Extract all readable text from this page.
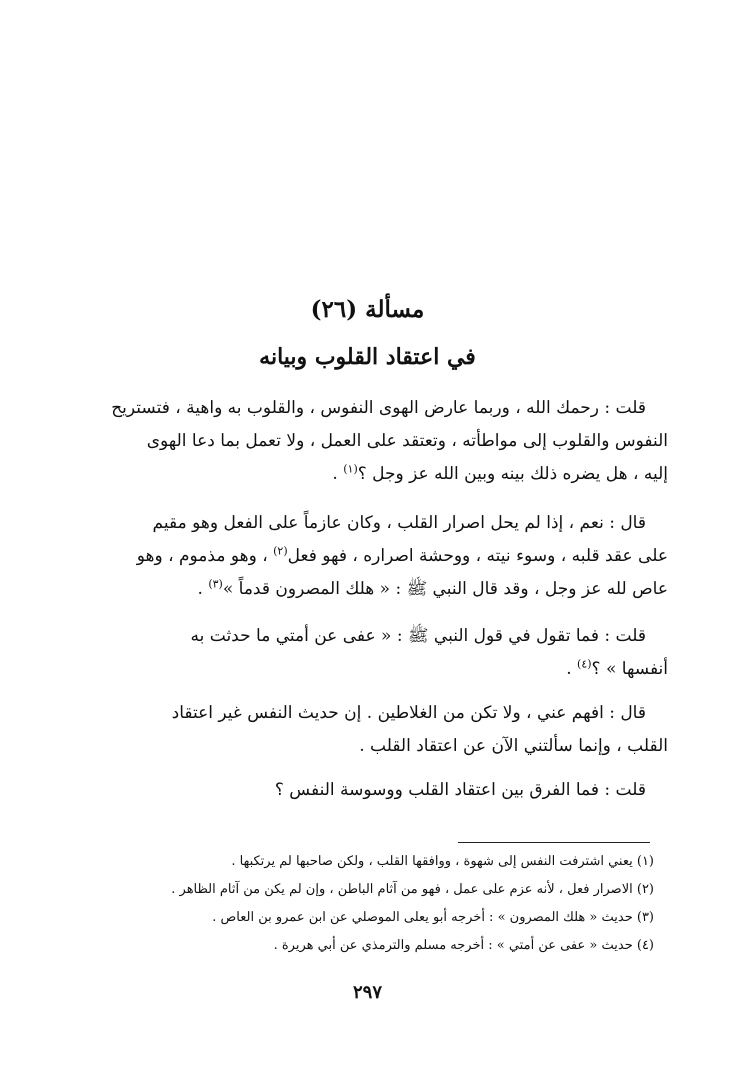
مسألة (٢٦)
في اعتقاد القلوب وبيانه
قلت : رحمك الله ، وربما عارض الهوى النفوس ، والقلوب به واهية ، فتستريح
النفوس والقلوب إلى مواطأته ، وتعتقد على العمل ، ولا تعمل بما دعا الهوى
إليه ، هل يضره ذلك بينه وبين الله عز وجل ؟$^{(١)}$ .
قال : نعم ، إذا لم يحل اصرار القلب ، وكان عازماً على الفعل وهو مقيم
على عقد قلبه ، وسوء نيته ، ووحشة اصراره ، فهو فعل$^{(٢)}$ ، وهو مذموم ، وهو
عاص لله عز وجل ، وقد قال النبي ﷺ : « هلك المصرون قدماً »$^{(٣)}$ .
قلت : فما تقول في قول النبي ﷺ : « عفى عن أمتي ما حدثت به
أنفسها » ؟$^{(٤)}$ .
قال : افهم عني ، ولا تكن من الغلاطين . إن حديث النفس غير اعتقاد
القلب ، وإنما سألتني الآن عن اعتقاد القلب .
قلت : فما الفرق بين اعتقاد القلب ووسوسة النفس ؟
(١) يعني اشترفت النفس إلى شهوة ، ووافقها القلب ، ولكن صاحبها لم يرتكبها .
(٢) الاصرار فعل ، لأنه عزم على عمل ، فهو من آثام الباطن ، وإن لم يكن من آثام الظاهر .
(٣) حديث « هلك المصرون » : أخرجه أبو يعلى الموصلي عن ابن عمرو بن العاص .
(٤) حديث « عفى عن أمتي » : أخرجه مسلم والترمذي عن أبي هريرة .
٢٩٧
